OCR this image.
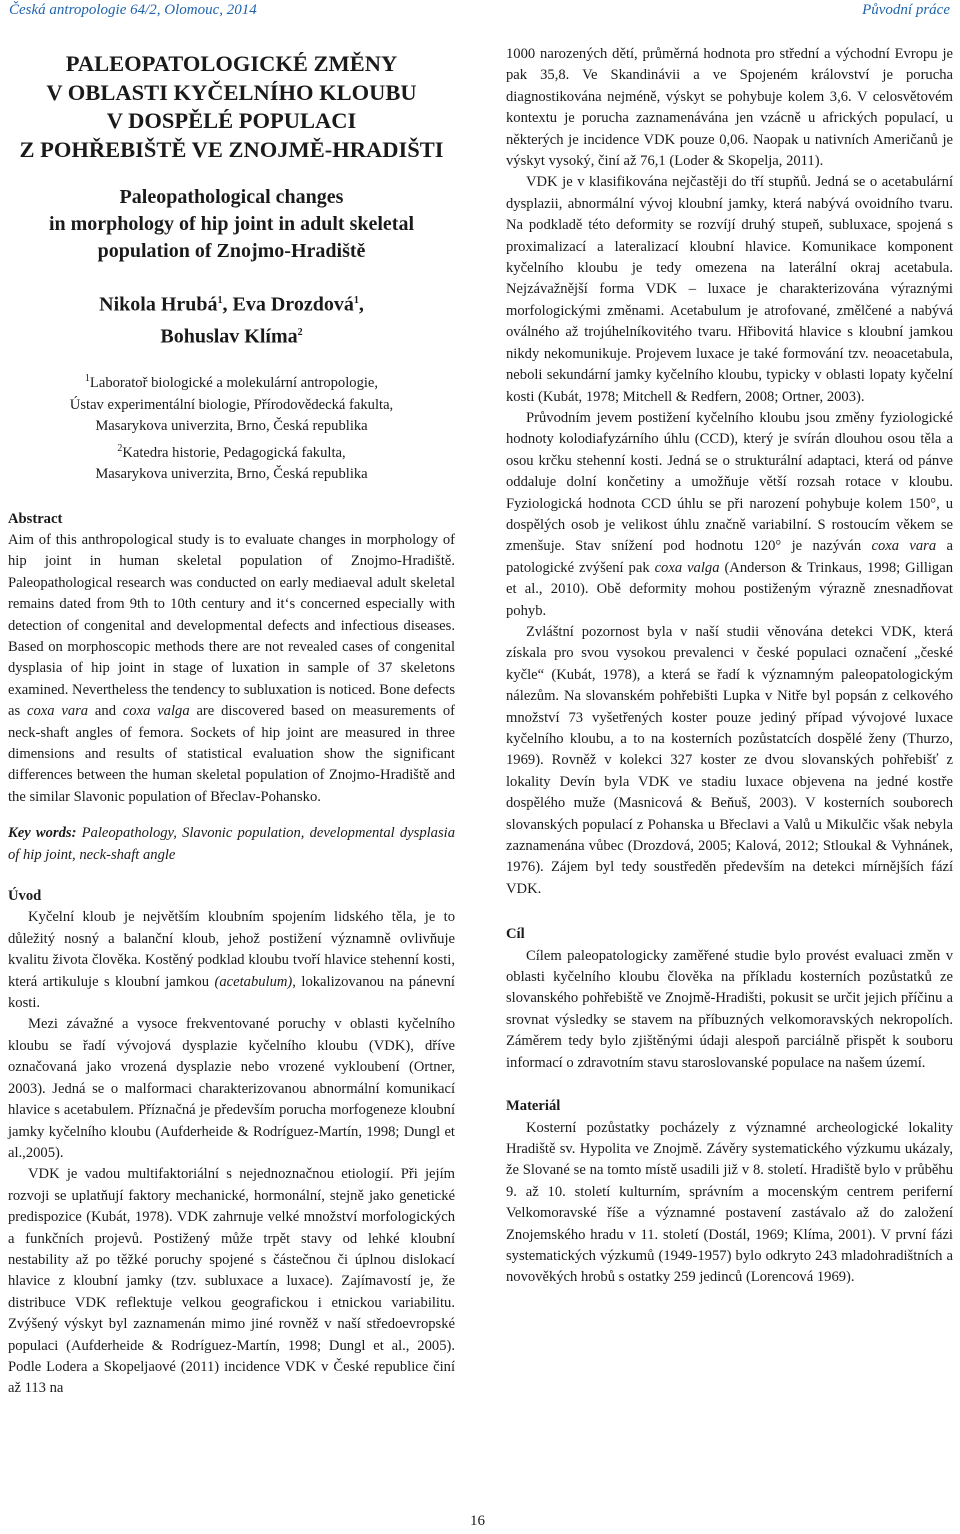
Česká antropologie 64/2, Olomouc, 2014	Původní práce
PALEOPATOLOGICKÉ ZMĚNY
V OBLASTI KYČELNÍHO KLOUBU
V DOSPĚLÉ POPULACI
Z POHŘEBIŠTĚ VE ZNOJMĚ-HRADIŠTI
Paleopathological changes
in morphology of hip joint in adult skeletal
population of Znojmo-Hradiště
Nikola Hrubá$^1$, Eva Drozdová$^1$,
Bohuslav Klíma$^2$

$^1$Laboratoř biologické a molekulární antropologie,

Ústav experimentální biologie, Přírodovědecká fakulta,

Masarykova univerzita, Brno, Česká republika

$^2$Katedra historie, Pedagogická fakulta,

Masarykova univerzita, Brno, Česká republika

Abstract

Aim of this anthropological study is to evaluate changes in morphology of hip joint in human skeletal population of Znojmo-Hradiště. Paleopathological research was conducted on early mediaeval adult skeletal remains dated from 9th to 10th century and it‘s concerned especially with detection of congenital and developmental defects and infectious diseases. Based on morphoscopic methods there are not revealed cases of congenital dysplasia of hip joint in stage of luxation in sample of 37 skeletons examined. Nevertheless the tendency to subluxation is noticed. Bone defects as coxa vara and coxa valga are discovered based on measurements of neck-shaft angles of femora. Sockets of hip joint are measured in three dimensions and results of statistical evaluation show the significant differences between the human skeletal population of Znojmo-Hradiště and the similar Slavonic population of Břeclav-Pohansko.

Key words: Paleopathology, Slavonic population, developmental dysplasia of hip joint, neck-shaft angle

Úvod

Kyčelní kloub je největším kloubním spojením lidského těla, je to důležitý nosný a balanční kloub, jehož postižení významně ovlivňuje kvalitu života člověka. Kostěný podklad kloubu tvoří hlavice stehenní kosti, která artikuluje s kloubní jamkou (acetabulum), lokalizovanou na pánevní kosti.

Mezi závažné a vysoce frekventované poruchy v oblasti kyčelního kloubu se řadí vývojová dysplazie kyčelního kloubu (VDK), dříve označovaná jako vrozená dysplazie nebo vrozené vykloubení (Ortner, 2003). Jedná se o malformaci charakterizovanou abnormální komunikací hlavice s acetabulem. Příznačná je především porucha morfogeneze kloubní jamky kyčelního kloubu (Aufderheide & Rodríguez-Martín, 1998; Dungl et al.,2005).

VDK je vadou multifaktoriální s nejednoznačnou etiologií. Při jejím rozvoji se uplatňují faktory mechanické, hormonální, stejně jako genetické predispozice (Kubát, 1978). VDK zahrnuje velké množství morfologických a funkčních projevů. Postižený může trpět stavy od lehké kloubní nestability až po těžké poruchy spojené s částečnou či úplnou dislokací hlavice z kloubní jamky (tzv. subluxace a luxace). Zajímavostí je, že distribuce VDK reflektuje velkou geografickou i etnickou variabilitu. Zvýšený výskyt byl zaznamenán mimo jiné rovněž v naší středoevropské populaci (Aufderheide & Rodríguez-Martín, 1998; Dungl et al., 2005). Podle Lodera a Skopeljaové (2011) incidence VDK v České republice činí až 113 na

1000 narozených dětí, průměrná hodnota pro střední a východní Evropu je pak 35,8. Ve Skandinávii a ve Spojeném království je porucha diagnostikována nejméně, výskyt se pohybuje kolem 3,6. V celosvětovém kontextu je porucha zaznamenávána jen vzácně u afrických populací, u některých je incidence VDK pouze 0,06. Naopak u nativních Američanů je výskyt vysoký, činí až 76,1 (Loder & Skopelja, 2011).

VDK je v klasifikována nejčastěji do tří stupňů. Jedná se o acetabulární dysplazii, abnormální vývoj kloubní jamky, která nabývá ovoidního tvaru. Na podkladě této deformity se rozvíjí druhý stupeň, subluxace, spojená s proximalizací a lateralizací kloubní hlavice. Komunikace komponent kyčelního kloubu je tedy omezena na laterální okraj acetabula. Nejzávažnější forma VDK – luxace je charakterizována výraznými morfologickými změnami. Acetabulum je atrofované, změlčené a nabývá oválného až trojúhelníkovitého tvaru. Hřibovitá hlavice s kloubní jamkou nikdy nekomunikuje. Projevem luxace je také formování tzv. neoacetabula, neboli sekundární jamky kyčelního kloubu, typicky v oblasti lopaty kyčelní kosti (Kubát, 1978; Mitchell & Redfern, 2008; Ortner, 2003).

Průvodním jevem postižení kyčelního kloubu jsou změny fyziologické hodnoty kolodiafyzárního úhlu (CCD), který je svírán dlouhou osou těla a osou krčku stehenní kosti. Jedná se o strukturální adaptaci, která od pánve oddaluje dolní končetiny a umožňuje větší rozsah rotace v kloubu. Fyziologická hodnota CCD úhlu se při narození pohybuje kolem 150°, u dospělých osob je velikost úhlu značně variabilní. S rostoucím věkem se zmenšuje. Stav snížení pod hodnotu 120° je nazýván coxa vara a patologické zvýšení pak coxa valga (Anderson & Trinkaus, 1998; Gilligan et al., 2010). Obě deformity mohou postiženým výrazně znesnadňovat pohyb.

Zvláštní pozornost byla v naší studii věnována detekci VDK, která získala pro svou vysokou prevalenci v české populaci označení „české kyčle“ (Kubát, 1978), a která se řadí k významným paleopatologickým nálezům. Na slovanském pohřebišti Lupka v Nitře byl popsán z celkového množství 73 vyšetřených koster pouze jediný případ vývojové luxace kyčelního kloubu, a to na kosterních pozůstatcích dospělé ženy (Thurzo, 1969). Rovněž v kolekci 327 koster ze dvou slovanských pohřebišť z lokality Devín byla VDK ve stadiu luxace objevena na jedné kostře dospělého muže (Masnicová & Beňuš, 2003). V kosterních souborech slovanských populací z Pohanska u Břeclavi a Valů u Mikulčic však nebyla zaznamenána vůbec (Drozdová, 2005; Kalová, 2012; Stloukal & Vyhnánek, 1976). Zájem byl tedy soustředěn především na detekci mírnějších fází VDK.

Cíl

Cílem paleopatologicky zaměřené studie bylo provést evaluaci změn v oblasti kyčelního kloubu člověka na příkladu kosterních pozůstatků ze slovanského pohřebiště ve Znojmě-Hradišti, pokusit se určit jejich příčinu a srovnat výsledky se stavem na příbuzných velkomoravských nekropolích. Záměrem tedy bylo zjištěnými údaji alespoň parciálně přispět k souboru informací o zdravotním stavu staroslovanské populace na našem území.

Materiál

Kosterní pozůstatky pocházely z významné archeologické lokality Hradiště sv. Hypolita ve Znojmě. Závěry systematického výzkumu ukázaly, že Slované se na tomto místě usadili již v 8. století. Hradiště bylo v průběhu 9. až 10. století kulturním, správním a mocenským centrem periferní Velkomoravské říše a významné postavení zastávalo až do založení Znojemského hradu v 11. století (Dostál, 1969; Klíma, 2001). V první fázi systematických výzkumů (1949-1957) bylo odkryto 243 mladohradištních a novověkých hrobů s ostatky 259 jedinců (Lorencová 1969).

16
